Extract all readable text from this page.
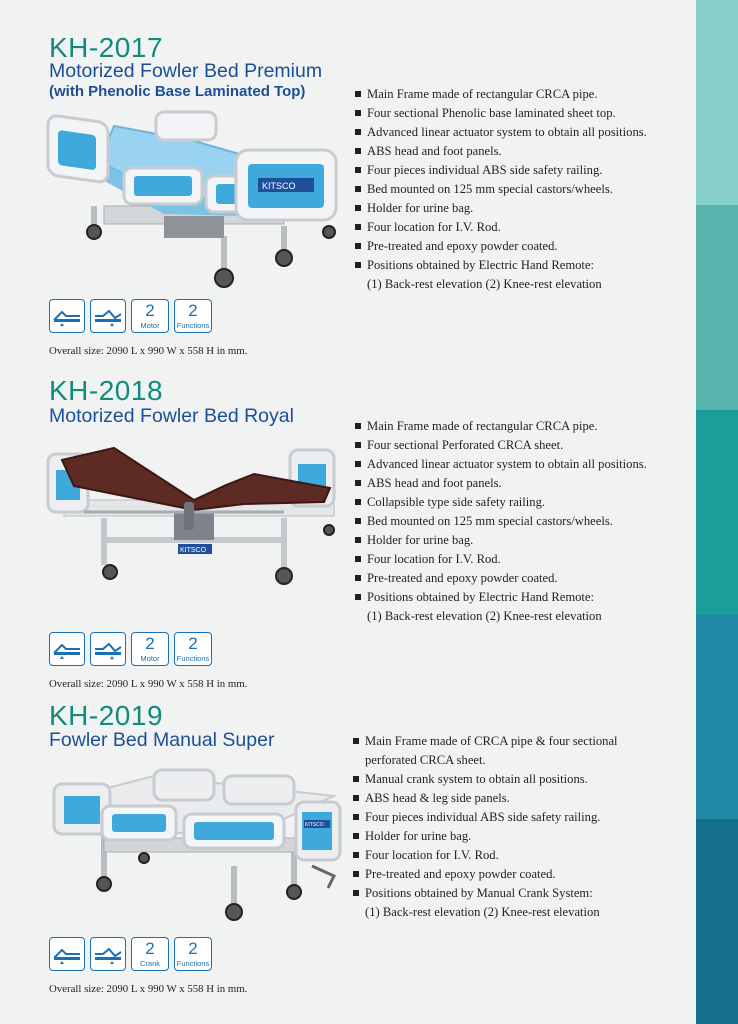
KH-2017
Motorized Fowler Bed Premium
(with Phenolic Base Laminated Top)
KITSCO
Main Frame made of rectangular CRCA pipe.
Four sectional Phenolic base laminated sheet top.
Advanced linear actuator system to obtain all positions.
ABS head and foot panels.
Four pieces individual ABS side safety railing.
Bed mounted on 125 mm special castors/wheels.
Holder for urine bag.
Four location for I.V. Rod.
Pre-treated and epoxy powder coated.
Positions obtained by Electric Hand Remote:
(1) Back-rest elevation (2) Knee-rest elevation
2
Motor
2
Functions
Overall size: 2090 L x 990 W x 558 H in mm.
KH-2018
Motorized Fowler Bed Royal
KITSCO
Main Frame made of rectangular CRCA pipe.
Four sectional Perforated CRCA sheet.
Advanced linear actuator system to obtain all positions.
ABS head and foot panels.
Collapsible type side safety railing.
Bed mounted on 125 mm special castors/wheels.
Holder for urine bag.
Four location for I.V. Rod.
Pre-treated and epoxy powder coated.
Positions obtained by Electric Hand Remote:
(1) Back-rest elevation (2) Knee-rest elevation
2
Motor
2
Functions
Overall size: 2090 L x 990 W x 558 H in mm.
KH-2019
Fowler Bed Manual Super
KITSCO
Main Frame made of CRCA pipe & four sectional
perforated CRCA sheet.
Manual crank system to obtain all positions.
ABS head & leg side panels.
Four pieces individual ABS side safety railing.
Holder for urine bag.
Four location for I.V. Rod.
Pre-treated and epoxy powder coated.
Positions obtained by Manual Crank System:
(1) Back-rest elevation (2) Knee-rest elevation
2
Crank
2
Functions
Overall size: 2090 L x 990 W x 558 H in mm.
